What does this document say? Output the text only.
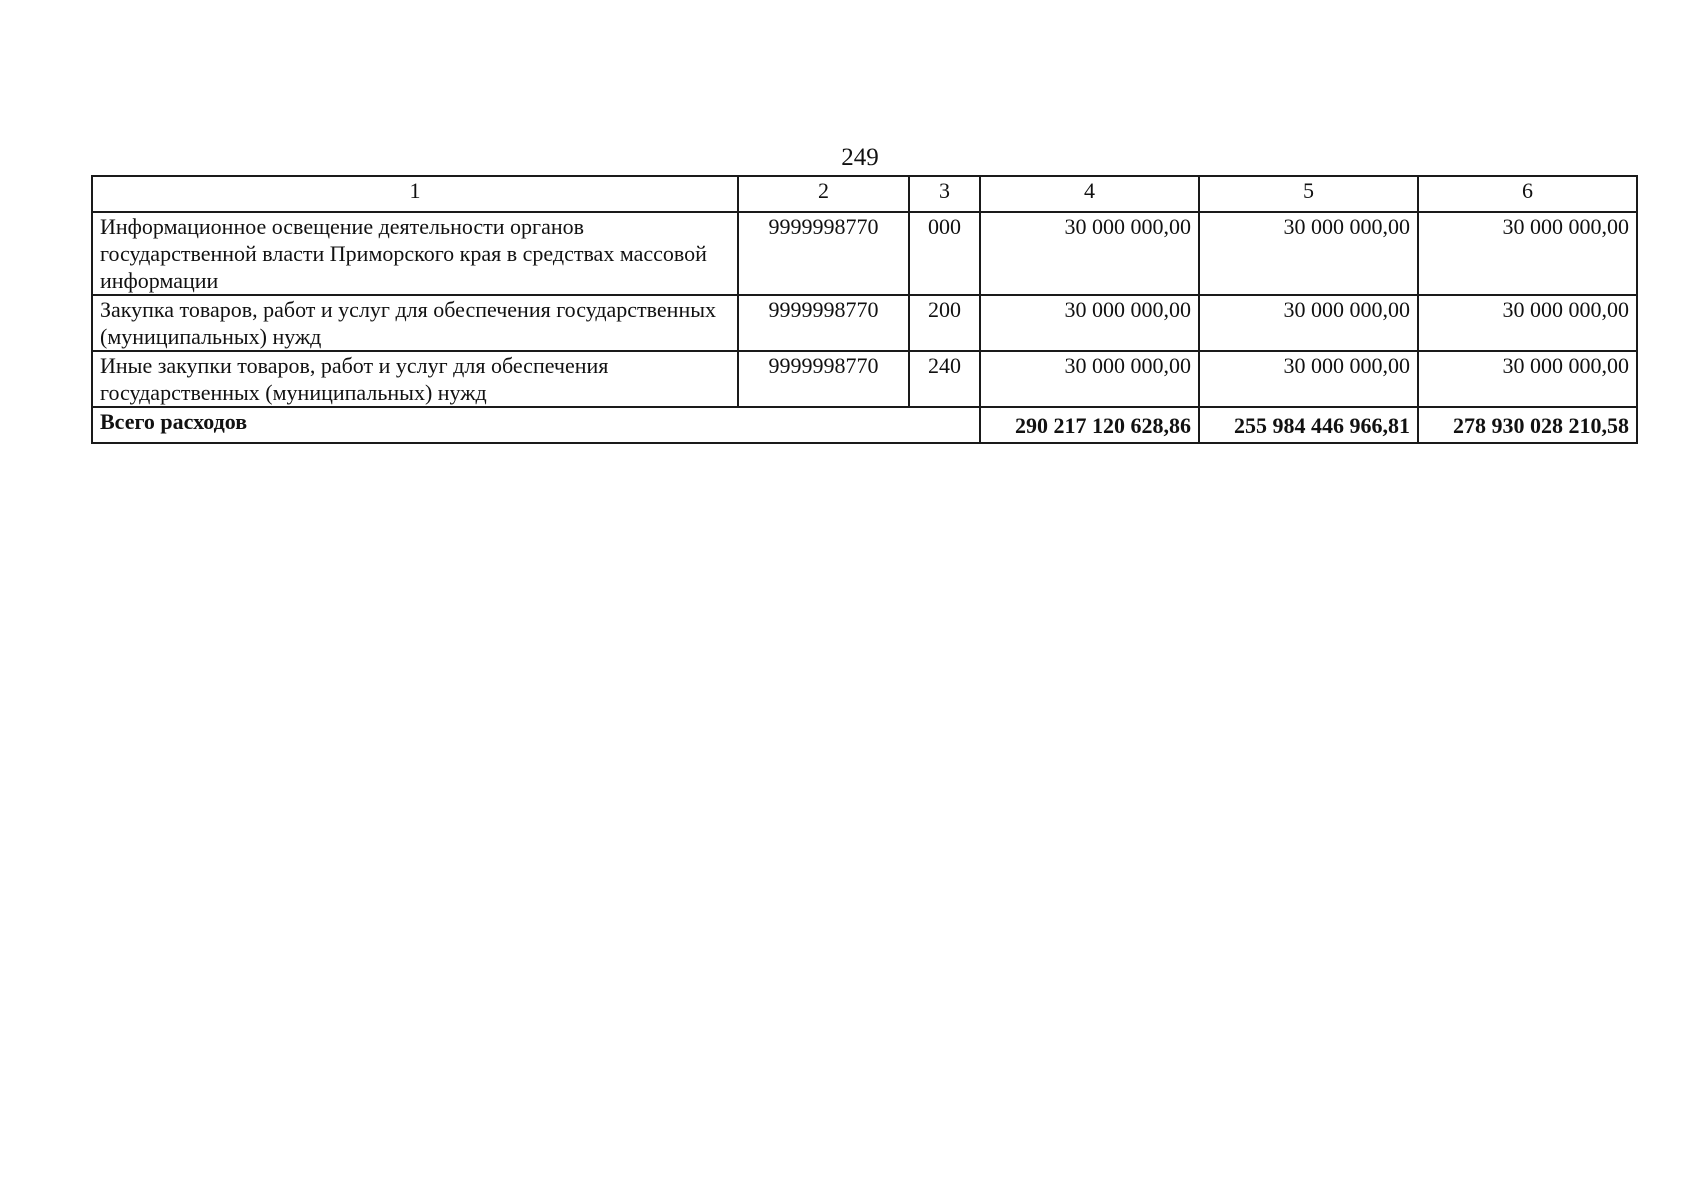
249
1	2	3	4	5	6
Информационное освещение деятельности органов государственной власти Приморского края в средствах массовой информации	9999998770	000	30 000 000,00	30 000 000,00	30 000 000,00
Закупка товаров, работ и услуг для обеспечения государственных (муниципальных) нужд	9999998770	200	30 000 000,00	30 000 000,00	30 000 000,00
Иные закупки товаров, работ и услуг для обеспечения государственных (муниципальных) нужд	9999998770	240	30 000 000,00	30 000 000,00	30 000 000,00
Всего расходов			290 217 120 628,86	255 984 446 966,81	278 930 028 210,58
